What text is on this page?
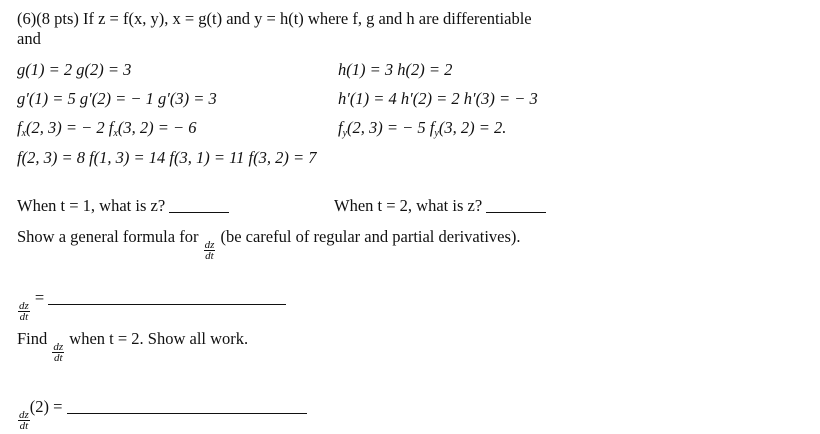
(6)(8 pts) If z = f(x, y), x = g(t) and y = h(t) where f, g and h are differentiable
and
g(1) = 2 g(2) = 3	h(1) = 3 h(2) = 2
g′(1) = 5 g′(2) = − 1 g′(3) = 3	h′(1) = 4 h′(2) = 2 h′(3) = − 3
$f_x(2$, 3) = − 2 $f_x(3$, 2) = − 6	$f_y(2$, 3) = − 5 $f_y(3$, 2) = 2.
f(2, 3) = 8 f(1, 3) = 14 f(3, 1) = 11 f(3, 2) = 7
When t = 1, what is z?	When t = 2, what is z?
Show a general formula for
$\frac{dz}{dt}$
(be careful of regular and partial derivatives).
$\frac{dz}{dt}$
=
Find
$\frac{dz}{dt}$
when t = 2. Show all work.
$\frac{dz}{dt}$
(2) =
